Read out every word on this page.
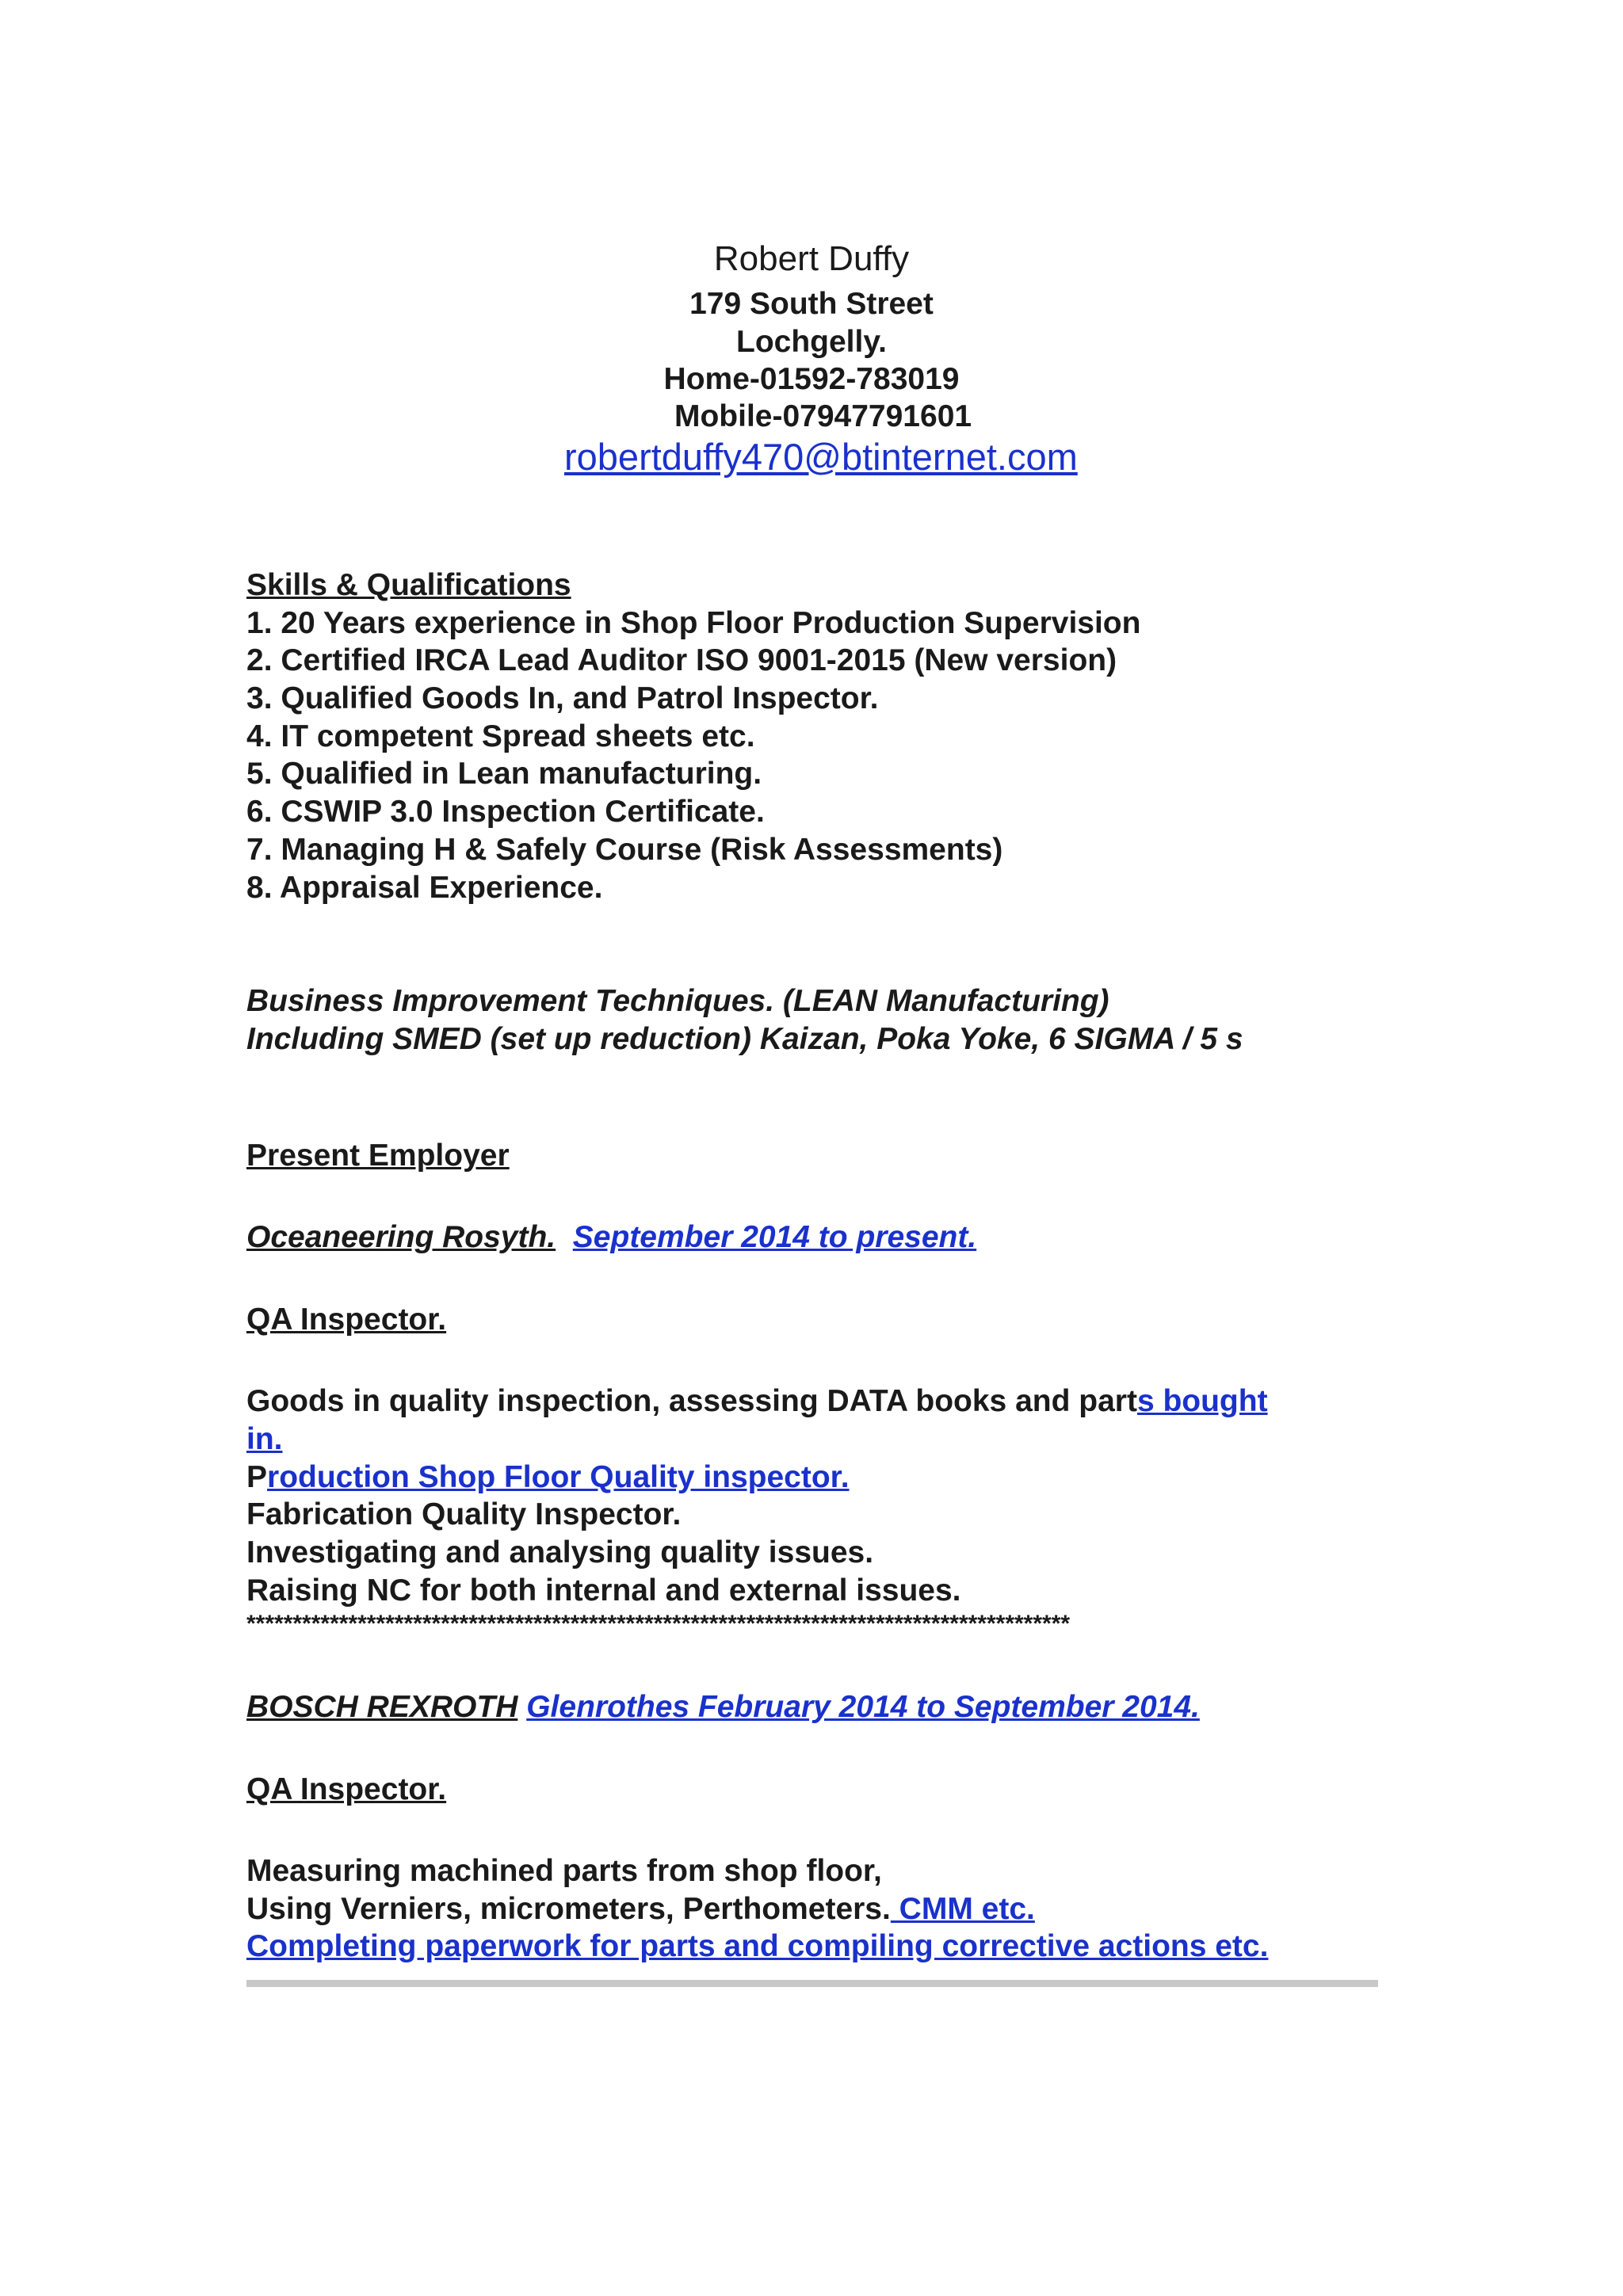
Robert Duffy
179 South Street
Lochgelly.
Home-01592-783019
Mobile-07947791601
robertduffy470@btinternet.com
Skills & Qualifications
1. 20 Years experience in Shop Floor Production Supervision
2. Certified IRCA Lead Auditor ISO 9001-2015 (New version)
3. Qualified Goods In, and Patrol Inspector.
4. IT competent Spread sheets etc.
5. Qualified in Lean manufacturing.
6. CSWIP 3.0 Inspection Certificate.
7. Managing H & Safely Course (Risk Assessments)
8. Appraisal Experience.
Business Improvement Techniques. (LEAN Manufacturing)
Including SMED (set up reduction) Kaizan, Poka Yoke, 6 SIGMA / 5 s
Present Employer
Oceaneering Rosyth. September 2014 to present.
QA Inspector.
Goods in quality inspection, assessing DATA books and parts bought
in.
Production Shop Floor Quality inspector.
Fabrication Quality Inspector.
Investigating and analysing quality issues.
Raising NC for both internal and external issues.
*****************************************************************************************
BOSCH REXROTH Glenrothes February 2014 to September 2014.
QA Inspector.
Measuring machined parts from shop floor,
Using Verniers, micrometers, Perthometers. CMM etc.
Completing paperwork for parts and compiling corrective actions etc.
